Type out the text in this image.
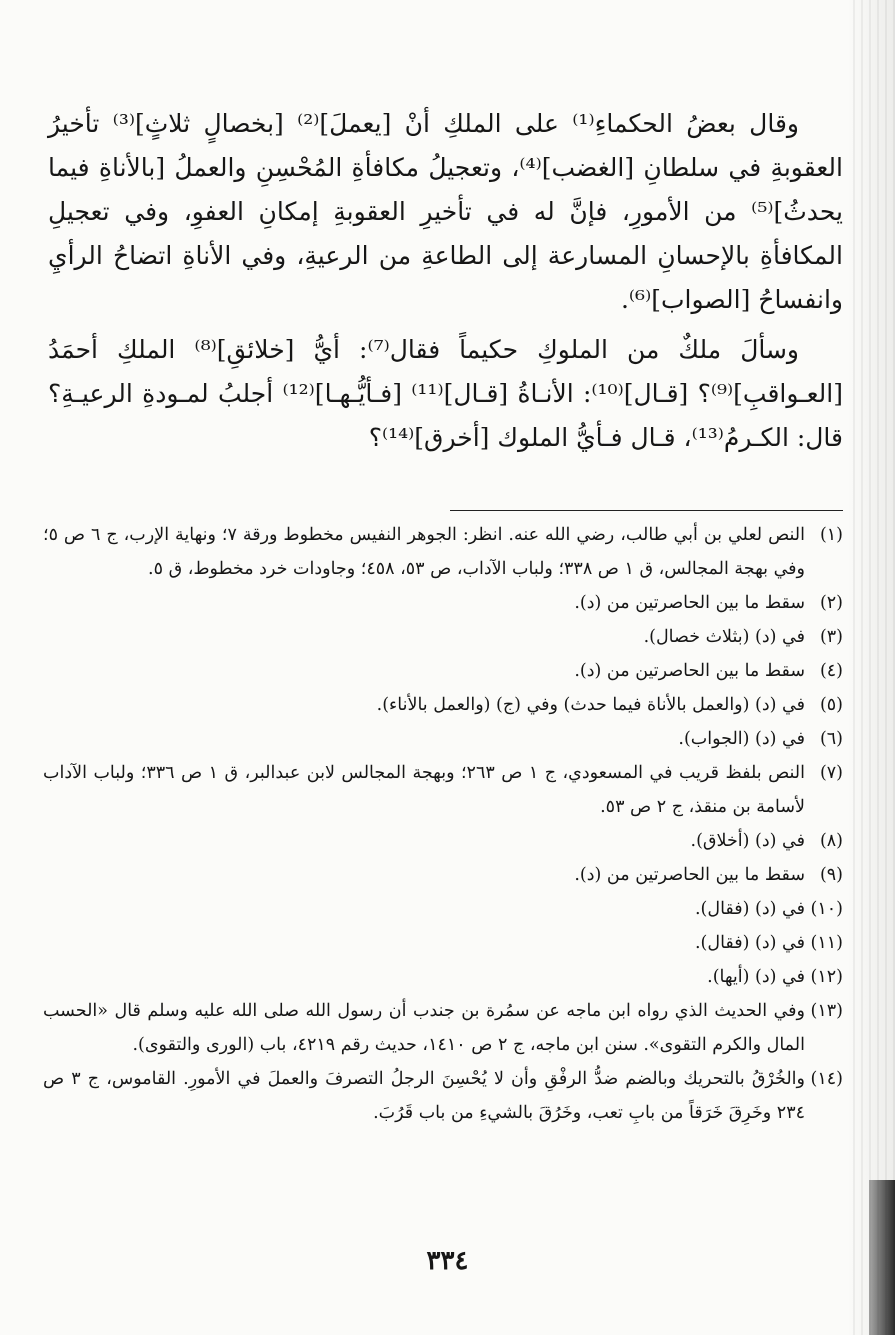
وقال بعضُ الحكماءِ⁽¹⁾ على الملكِ أنْ [يعملَ]⁽²⁾ [بخصالٍ ثلاثٍ]⁽³⁾ تأخيرُ العقوبةِ في سلطانِ [الغضب]⁽⁴⁾، وتعجيلُ مكافأةِ المُحْسِنِ والعملُ [بالأناةِ فيما يحدثُ]⁽⁵⁾ من الأمورِ، فإنَّ له في تأخيرِ العقوبةِ إمكانِ العفوِ، وفي تعجيلِ المكافأةِ بالإحسانِ المسارعة إلى الطاعةِ من الرعيةِ، وفي الأناةِ اتضاحُ الرأيِ وانفساحُ [الصواب]⁽⁶⁾.

وسألَ ملكٌ من الملوكِ حكيماً فقال⁽⁷⁾: أيُّ [خلائقِ]⁽⁸⁾ الملكِ أحمَدُ [العـواقبِ]⁽⁹⁾؟ [قـال]⁽¹⁰⁾: الأنـاةُ [قـال]⁽¹¹⁾ [فـأيُّـهـا]⁽¹²⁾ أجلبُ لمـودةِ الرعيـةِ؟ قال: الكـرمُ⁽¹³⁾، قـال فـأيُّ الملوك [أخرق]⁽¹⁴⁾؟

(١)
النص لعلي بن أبي طالب، رضي الله عنه. انظر: الجوهر النفيس مخطوط ورقة ٧؛ ونهاية الإرب، ج ٦ ص ٥؛ وفي بهجة المجالس، ق ١ ص ٣٣٨؛ ولباب الآداب، ص ٥٣، ٤٥٨؛ وجاودات خرد مخطوط، ق ٥.
(٢)
سقط ما بين الحاصرتين من (د).
(٣)
في (د) (بثلاث خصال).
(٤)
سقط ما بين الحاصرتين من (د).
(٥)
في (د) (والعمل بالأناة فيما حدث) وفي (ج) (والعمل بالأناء).
(٦)
في (د) (الجواب).
(٧)
النص بلفظ قريب في المسعودي، ج ١ ص ٢٦٣؛ وبهجة المجالس لابن عبدالبر، ق ١ ص ٣٣٦؛ ولباب الآداب لأسامة بن منقذ، ج ٢ ص ٥٣.
(٨)
في (د) (أخلاق).
(٩)
سقط ما بين الحاصرتين من (د).
(١٠)
في (د) (فقال).
(١١)
في (د) (فقال).
(١٢)
في (د) (أيها).
(١٣)
وفي الحديث الذي رواه ابن ماجه عن سمُرة بن جندب أن رسول الله صلى الله عليه وسلم قال «الحسب المال والكرم التقوى». سنن ابن ماجه، ج ٢ ص ١٤١٠، حديث رقم ٤٢١٩، باب (الورى والتقوى).
(١٤)
والخُرْقُ بالتحريك وبالضم ضدُّ الرفْقِ وأن لا يُحْسِنَ الرجلُ التصرفَ والعملَ في الأمورِ. القاموس، ج ٣ ص ٢٣٤ وخَرِقَ خَرَقاً من بابِ تعب، وخَرُقَ بالشيءِ من باب قَرُبَ.
٣٣٤
